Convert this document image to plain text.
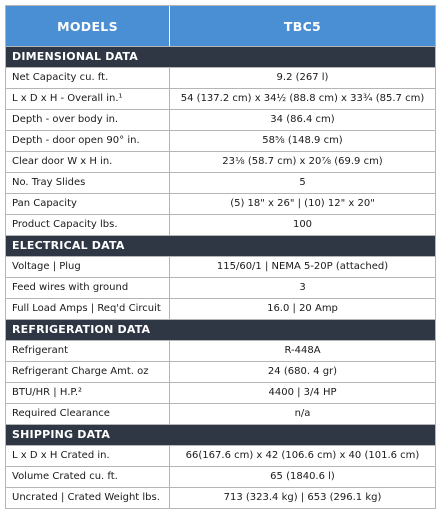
MODELS	TBC5
DIMENSIONAL DATA
Net Capacity cu. ft.	9.2 (267 l)
L x D x H - Overall in.¹	54 (137.2 cm) x 34½ (88.8 cm) x 33¾ (85.7 cm)
Depth - over body in.	34 (86.4 cm)
Depth - door open 90° in.	58⅝ (148.9 cm)
Clear door W x H in.	23⅛ (58.7 cm) x 20⅞ (69.9 cm)
No. Tray Slides	5
Pan Capacity	(5) 18" x 26" | (10) 12" x 20"
Product Capacity lbs.	100
ELECTRICAL DATA
Voltage | Plug	115/60/1 | NEMA 5-20P (attached)
Feed wires with ground	3
Full Load Amps | Req'd Circuit	16.0 | 20 Amp
REFRIGERATION DATA
Refrigerant	R-448A
Refrigerant Charge Amt. oz	24 (680. 4 gr)
BTU/HR | H.P.²	4400 | 3/4 HP
Required Clearance	n/a
SHIPPING DATA
L x D x H Crated in.	66(167.6 cm) x 42 (106.6 cm) x 40 (101.6 cm)
Volume Crated cu. ft.	65 (1840.6 l)
Uncrated | Crated Weight lbs.	713 (323.4 kg) | 653 (296.1 kg)
